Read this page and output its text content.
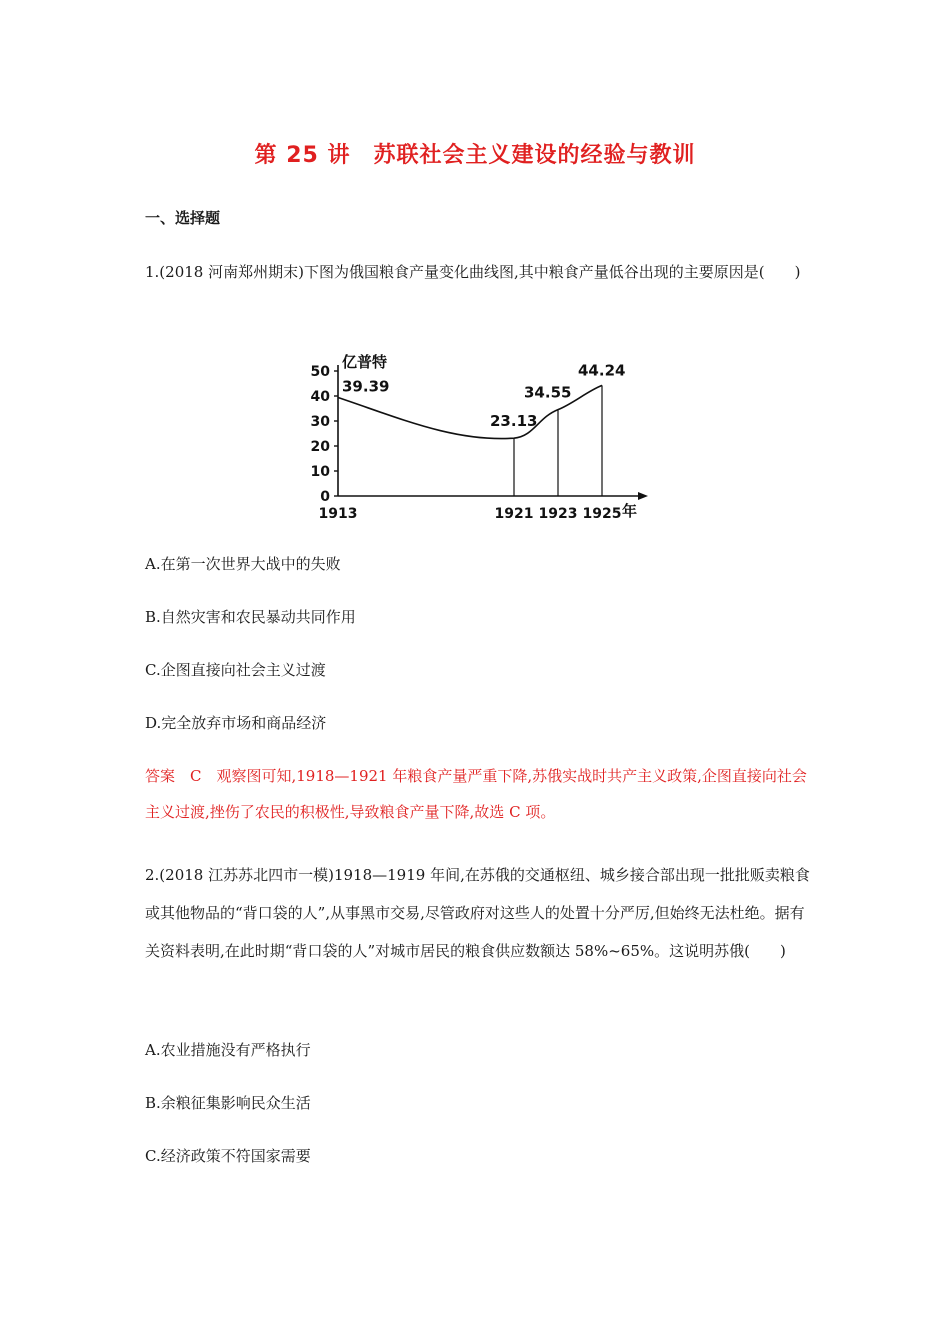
第 25 讲　苏联社会主义建设的经验与教训
一、选择题
1.(2018 河南郑州期末)下图为俄国粮食产量变化曲线图,其中粮食产量低谷出现的主要原因是(　　)
亿普特
年
0
10
20
30
40
50
1913	1921 1923 1925
39.39
23.13
34.55
44.24
A.在第一次世界大战中的失败
B.自然灾害和农民暴动共同作用
C.企图直接向社会主义过渡
D.完全放弃市场和商品经济
答案　C　观察图可知,1918—1921 年粮食产量严重下降,苏俄实战时共产主义政策,企图直接向社会主义过渡,挫伤了农民的积极性,导致粮食产量下降,故选 C 项。
2.(2018 江苏苏北四市一模)1918—1919 年间,在苏俄的交通枢纽、城乡接合部出现一批批贩卖粮食或其他物品的“背口袋的人”,从事黑市交易,尽管政府对这些人的处置十分严厉,但始终无法杜绝。据有关资料表明,在此时期“背口袋的人”对城市居民的粮食供应数额达 58%~65%。这说明苏俄(　　)
A.农业措施没有严格执行
B.余粮征集影响民众生活
C.经济政策不符国家需要
